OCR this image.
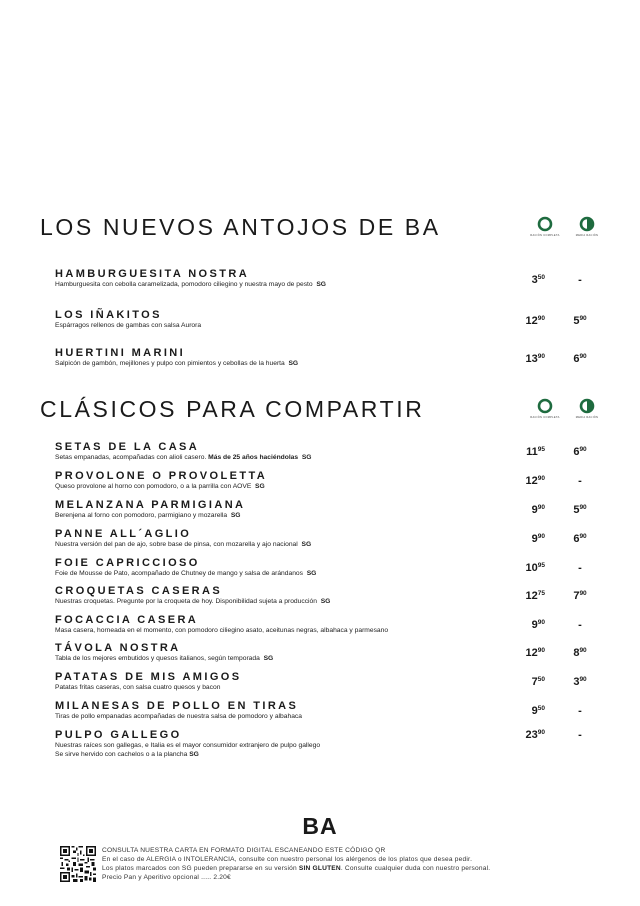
LOS NUEVOS ANTOJOS DE BA	RACIÓN COMPLETA	MEDIA RACIÓN
HAMBURGUESITA NOSTRA
Hamburguesita con cebolla caramelizada, pomodoro ciliegino y nuestra mayo de pesto SG	$3^{50}$	-
LOS IÑAKITOS
Espárragos rellenos de gambas con salsa Aurora	$12^{90}$	$5^{90}$
HUERTINI MARINI
Salpicón de gambón, mejillones y pulpo con pimientos y cebollas de la huerta SG	$13^{90}$	$6^{90}$
CLÁSICOS PARA COMPARTIR	RACIÓN COMPLETA	MEDIA RACIÓN
SETAS DE LA CASA
Setas empanadas, acompañadas con alioli casero. Más de 25 años haciéndolas SG	$11^{95}$	$6^{90}$
PROVOLONE O PROVOLETTA
Queso provolone al horno con pomodoro, o a la parrilla con AOVE SG	$12^{90}$	-
MELANZANA PARMIGIANA
Berenjena al forno con pomodoro, parmigiano y mozarella SG	$9^{90}$	$5^{90}$
PANNE ALL´AGLIO
Nuestra versión del pan de ajo, sobre base de pinsa, con mozarella y ajo nacional SG	$9^{90}$	$6^{90}$
FOIE CAPRICCIOSO
Foie de Mousse de Pato, acompañado de Chutney de mango y salsa de arándanos SG	$10^{95}$	-
CROQUETAS CASERAS
Nuestras croquetas. Pregunte por la croqueta de hoy. Disponibilidad sujeta a producción SG	$12^{75}$	$7^{90}$
FOCACCIA CASERA
Masa casera, horneada en el momento, con pomodoro ciliegino asato, aceitunas negras, albahaca y parmesano	$9^{90}$	-
TÁVOLA NOSTRA
Tabla de los mejores embutidos y quesos italianos, según temporada SG	$12^{90}$	$8^{90}$
PATATAS DE MIS AMIGOS
Patatas fritas caseras, con salsa cuatro quesos y bacon	$7^{50}$	$3^{90}$
MILANESAS DE POLLO EN TIRAS
Tiras de pollo empanadas acompañadas de nuestra salsa de pomodoro y albahaca	$9^{50}$	-
PULPO GALLEGO
Nuestras raíces son gallegas, e Italia es el mayor consumidor extranjero de pulpo gallego
Se sirve hervido con cachelos o a la plancha SG
$23^{90}$	-
BA
CONSULTA NUESTRA CARTA EN FORMATO DIGITAL ESCANEANDO ESTE CÓDIGO QR
En el caso de ALERGIA o INTOLERANCIA, consulte con nuestro personal los alérgenos de los platos que desea pedir.
Los platos marcados con SG pueden prepararse en su versión SIN GLUTEN. Consulte cualquier duda con nuestro personal.
Precio Pan y Aperitivo opcional ..... 2.20€
